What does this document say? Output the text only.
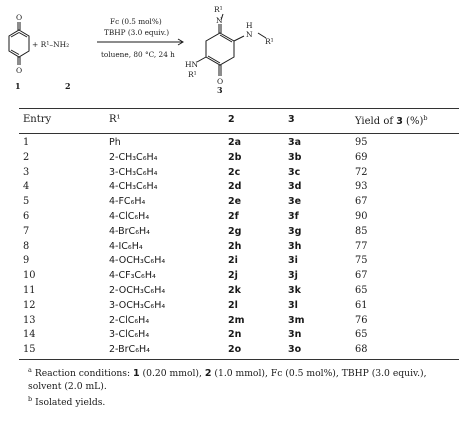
O
O
1
+ R¹–NH₂
2
Fc (0.5 mol%)
TBHP (3.0 equiv.)
toluene, 80 °C, 24 h
R¹
N
H
N
R¹
HN
R¹
O
3
Entry	R¹	2	3	Yield of 3 (%)$^b$
1	Ph	2a	3a	95
2	2-CH₃C₆H₄	2b	3b	69
3	3-CH₃C₆H₄	2c	3c	72
4	4-CH₃C₆H₄	2d	3d	93
5	4-FC₆H₄	2e	3e	67
6	4-ClC₆H₄	2f	3f	90
7	4-BrC₆H₄	2g	3g	85
8	4-IC₆H₄	2h	3h	77
9	4-OCH₃C₆H₄	2i	3i	75
10	4-CF₃C₆H₄	2j	3j	67
11	2-OCH₃C₆H₄	2k	3k	65
12	3-OCH₃C₆H₄	2l	3l	61
13	2-ClC₆H₄	2m	3m	76
14	3-ClC₆H₄	2n	3n	65
15	2-BrC₆H₄	2o	3o	68

$^a$ Reaction conditions: 1 (0.20 mmol), 2 (1.0 mmol), Fc (0.5 mol%), TBHP (3.0 equiv.), solvent (2.0 mL).

$^b$ Isolated yields.
